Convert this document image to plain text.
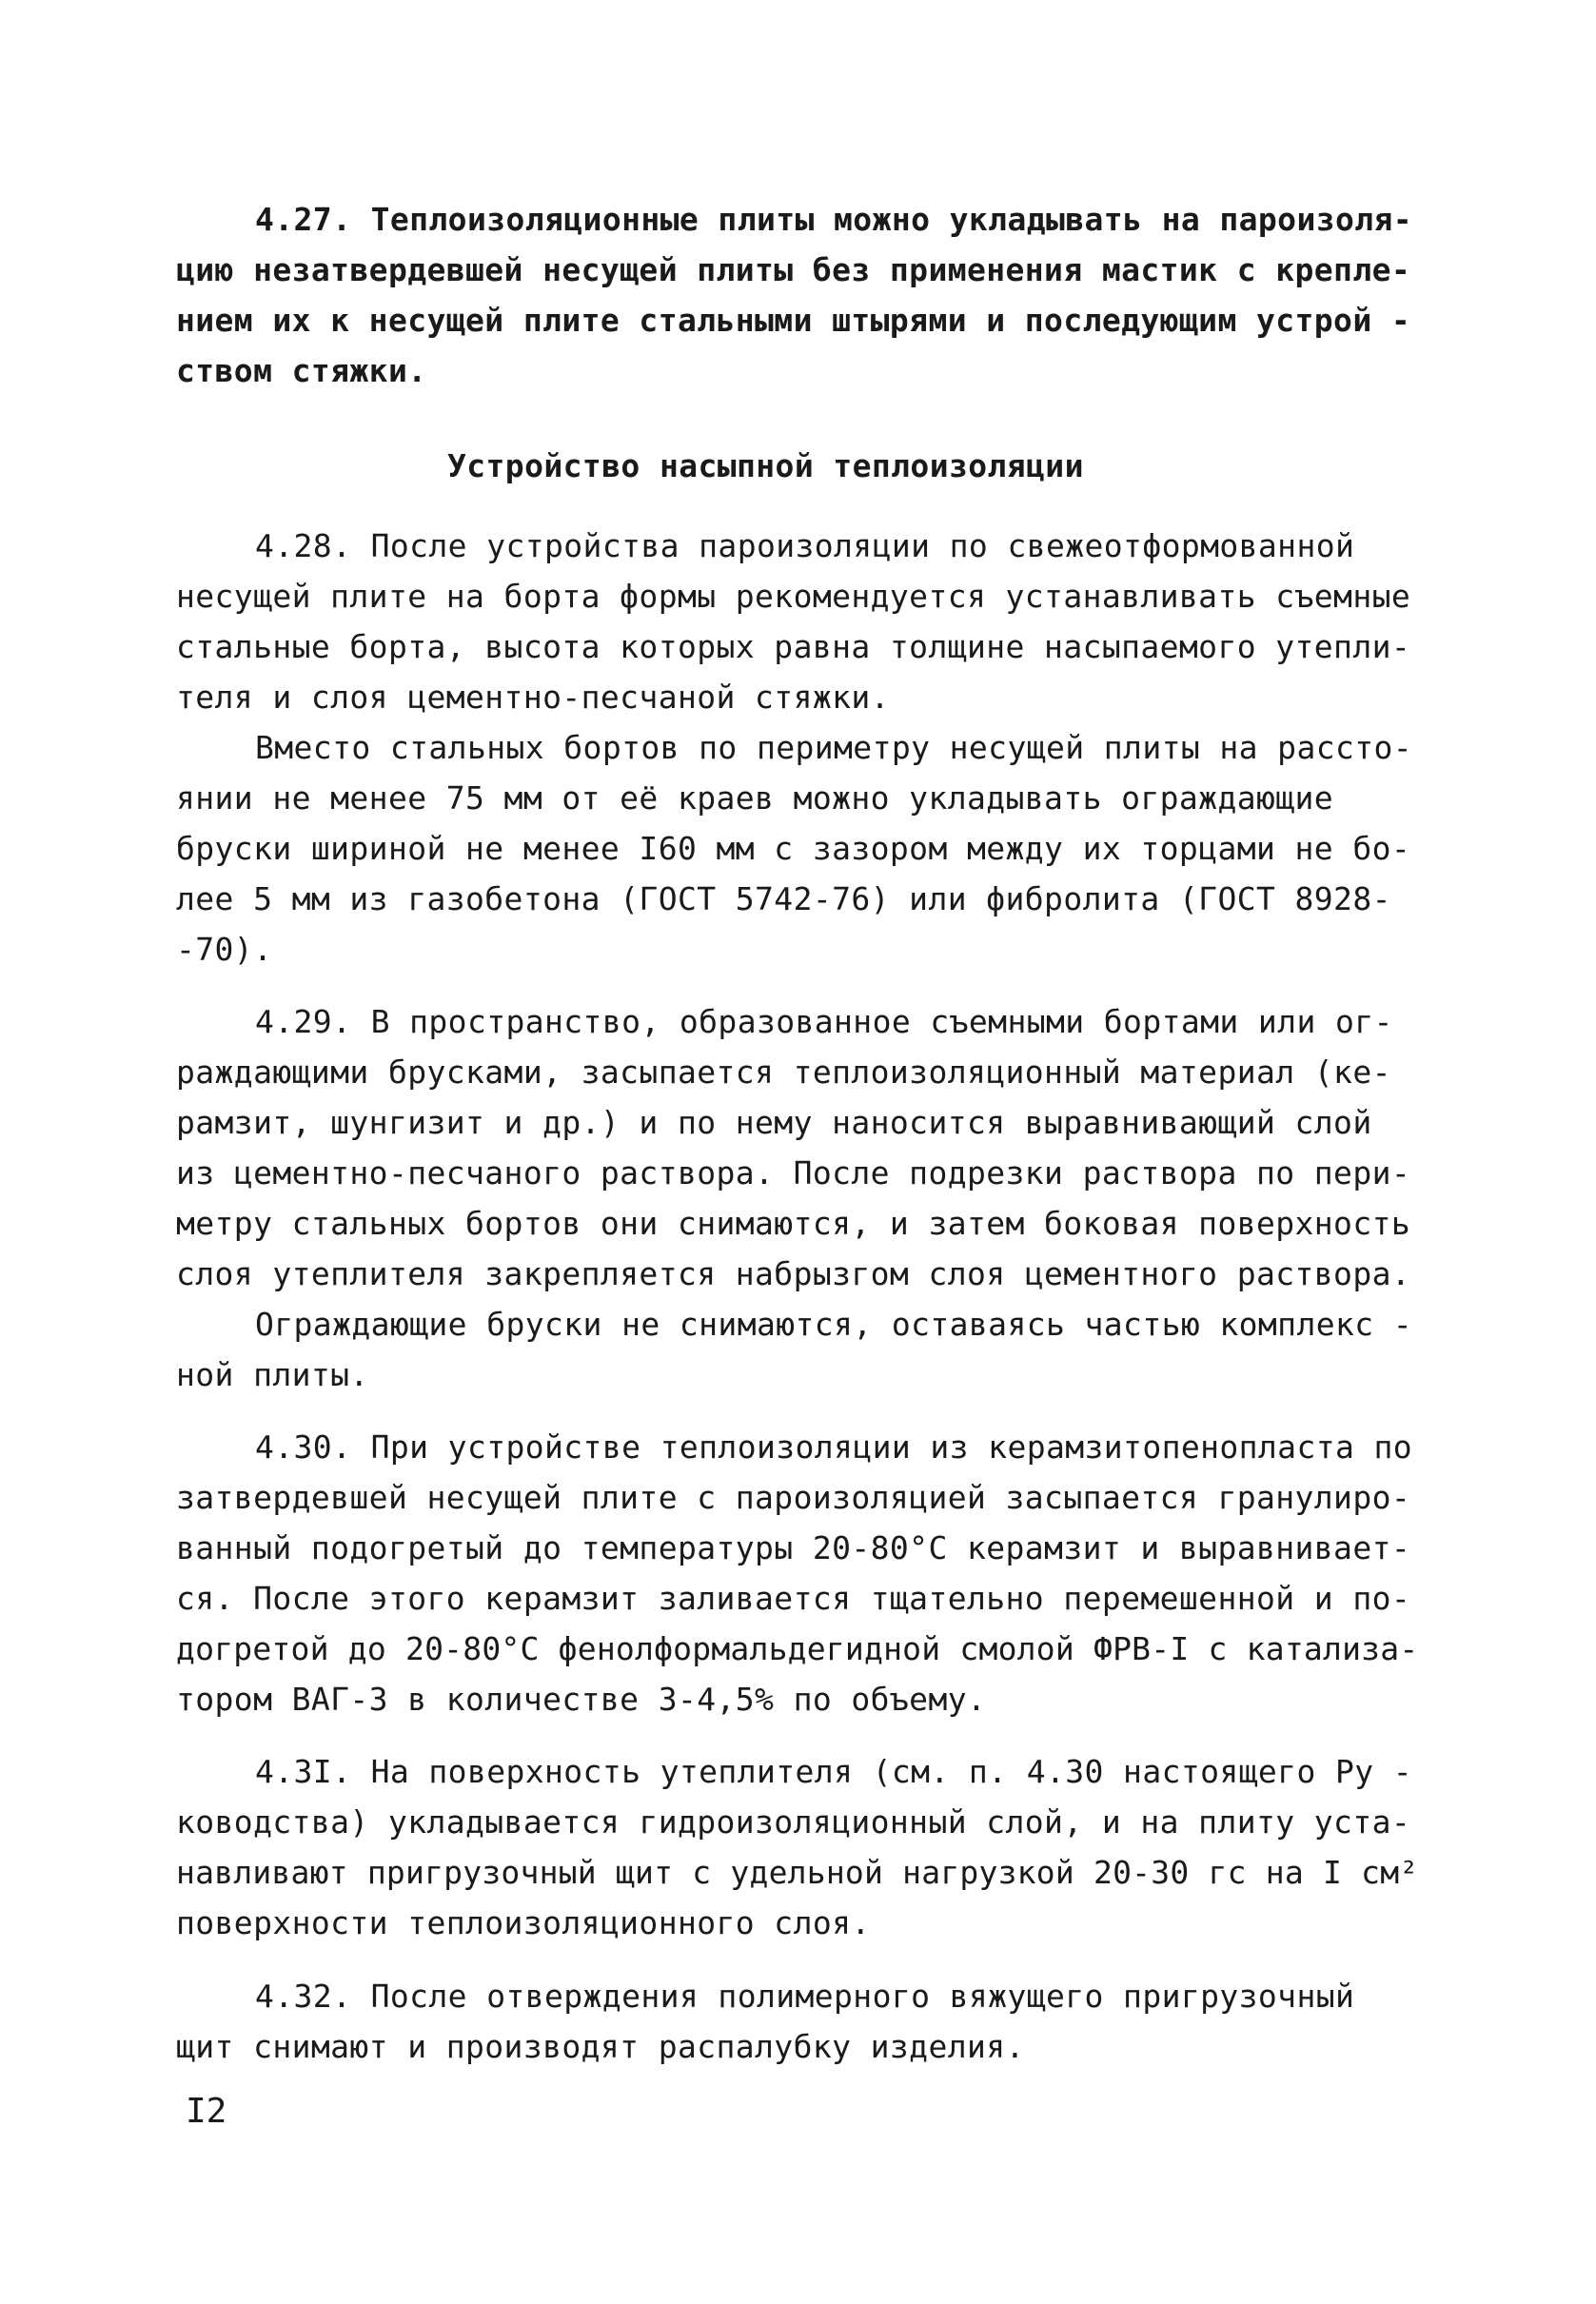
4.27. Теплоизоляционные плиты можно укладывать на пароизоля-
цию незатвердевшей несущей плиты без применения мастик с крепле-
нием их к несущей плите стальными штырями и последующим устрой -
ством стяжки.
Устройство насыпной теплоизоляции
4.28. После устройства пароизоляции по свежеотформованной
несущей плите на борта формы рекомендуется устанавливать съемные
стальные борта, высота которых равна толщине насыпаемого утепли-
теля и слоя цементно-песчаной стяжки.
Вместо стальных бортов по периметру несущей плиты на рассто-
янии не менее 75 мм от её краев можно укладывать ограждающие
бруски шириной не менее I60 мм с зазором между их торцами не бо-
лее 5 мм из газобетона (ГОСТ 5742-76) или фибролита (ГОСТ 8928-
-70).
4.29. В пространство, образованное съемными бортами или ог-
раждающими брусками, засыпается теплоизоляционный материал (ке-
рамзит, шунгизит и др.) и по нему наносится выравнивающий слой
из цементно-песчаного раствора. После подрезки раствора по пери-
метру стальных бортов они снимаются, и затем боковая поверхность
слоя утеплителя закрепляется набрызгом слоя цементного раствора.
Ограждающие бруски не снимаются, оставаясь частью комплекс -
ной плиты.
4.30. При устройстве теплоизоляции из керамзитопенопласта по
затвердевшей несущей плите с пароизоляцией засыпается гранулиро-
ванный подогретый до температуры 20-80°С керамзит и выравнивает-
ся. После этого керамзит заливается тщательно перемешенной и по-
догретой до 20-80°С фенолформальдегидной смолой ФРВ-I с катализа-
тором ВАГ-3 в количестве 3-4,5% по объему.
4.3I. На поверхность утеплителя (см. п. 4.30 настоящего Ру -
ководства) укладывается гидроизоляционный слой, и на плиту уста-
навливают пригрузочный щит с удельной нагрузкой 20-30 гс на I см²
поверхности теплоизоляционного слоя.
4.32. После отверждения полимерного вяжущего пригрузочный
щит снимают и производят распалубку изделия.
I2
